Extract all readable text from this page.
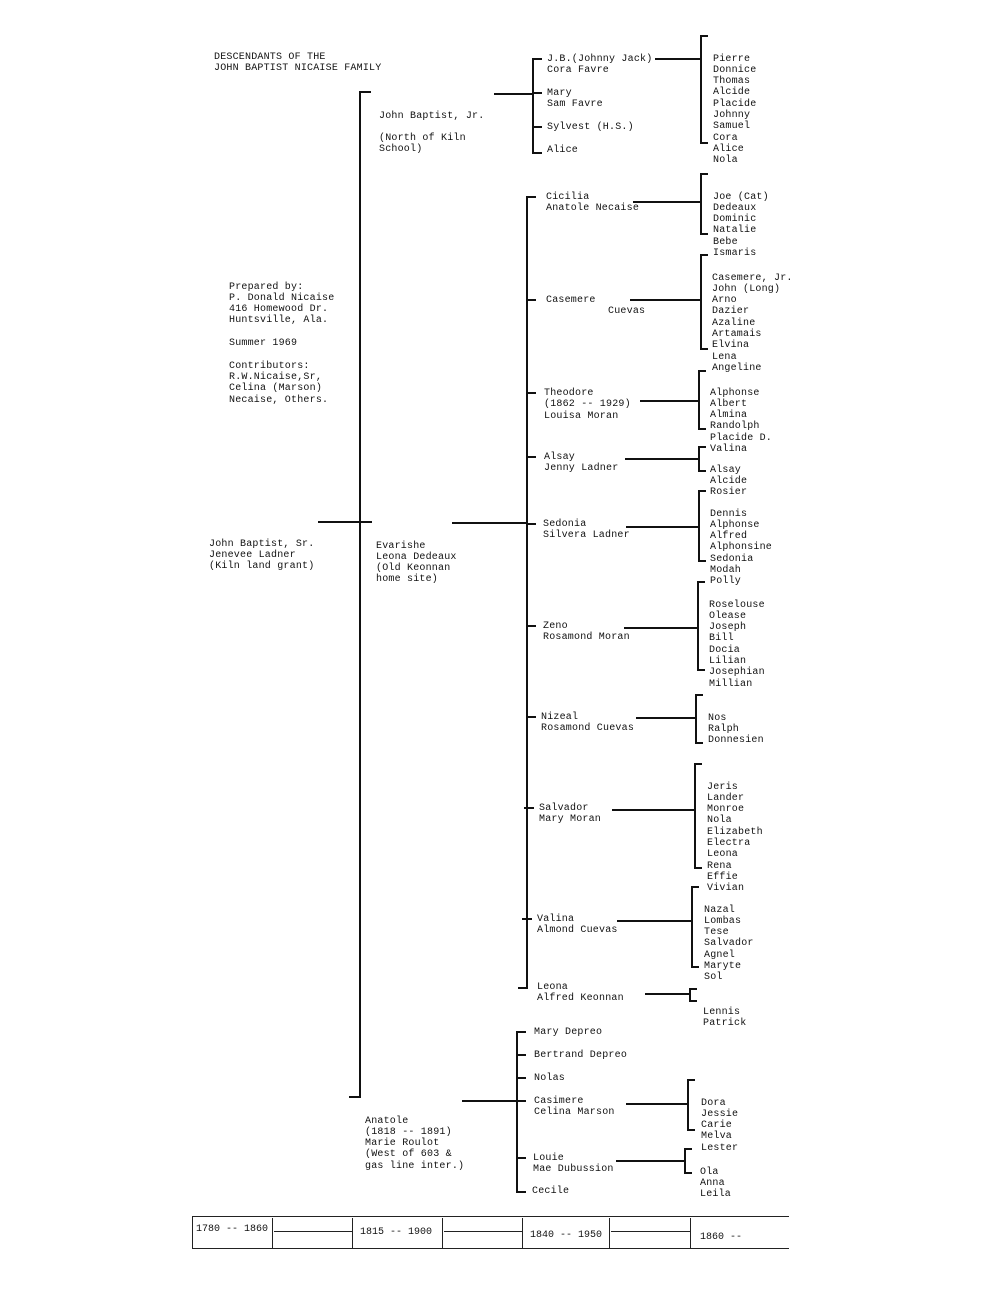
DESCENDANTS OF THE
JOHN BAPTIST NICAISE FAMILY

Prepared by:
P. Donald Nicaise
416 Homewood Dr.
Huntsville, Ala.

Summer 1969

Contributors:
R.W.Nicaise,Sr,
Celina (Marson)
Necaise, Others.

John Baptist, Sr.
Jenevee Ladner
(Kiln land grant)

John Baptist, Jr.

(North of Kiln
School)

Evarishe
Leona Dedeaux
(Old Keonnan
home site)

Anatole
(1818 -- 1891)
Marie Roulot
(West of 603 &
gas line inter.)

J.B.(Johnny Jack)
Cora Favre
Mary
Sam Favre
Sylvest (H.S.)
Alice
Cicilia
Anatole Necaise
Casemere
Cuevas
Theodore
(1862 -- 1929)
Louisa Moran
Alsay
Jenny Ladner
Sedonia
Silvera Ladner
Zeno
Rosamond Moran
Nizeal
Rosamond Cuevas
Salvador
Mary Moran
Valina
Almond Cuevas
Leona
Alfred Keonnan
Mary Depreo
Bertrand Depreo
Nolas
Casimere
Celina Marson
Louie
Mae Dubussion
Cecile

Pierre
Donnice
Thomas
Alcide
Placide
Johnny
Samuel
Cora
Alice
Nola

Joe (Cat)
Dedeaux
Dominic
Natalie
Bebe
Ismaris

Casemere, Jr.
John (Long)
Arno
Dazier
Azaline
Artamais
Elvina
Lena
Angeline

Alphonse
Albert
Almina
Randolph
Placide D.
Valina

Alsay
Alcide
Rosier

Dennis
Alphonse
Alfred
Alphonsine
Sedonia
Modah
Polly

Roselouse
Olease
Joseph
Bill
Docia
Lilian
Josephian
Millian

Nos
Ralph
Donnesien

Jeris
Lander
Monroe
Nola
Elizabeth
Electra
Leona
Rena
Effie
Vivian

Nazal
Lombas
Tese
Salvador
Agnel
Maryte
Sol

Lennis
Patrick

Dora
Jessie
Carie
Melva
Lester

Ola
Anna
Leila

1780 -- 1860	1815 -- 1900	1840 -- 1950	1860 --
